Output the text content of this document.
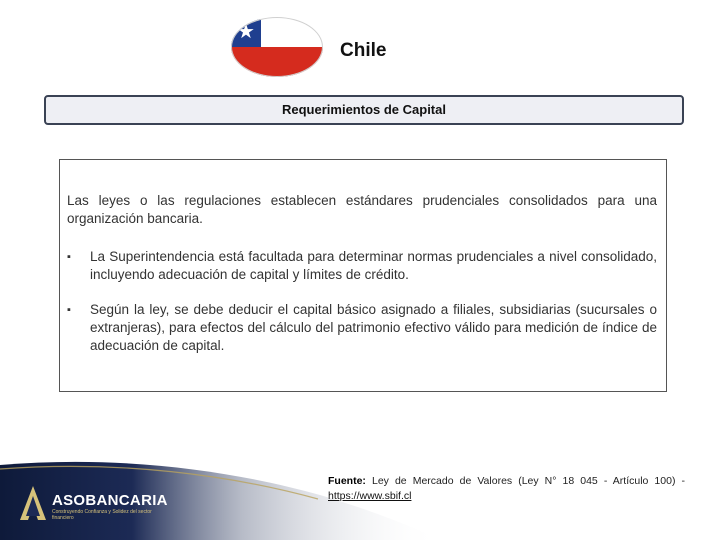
★
Chile
Requerimientos de Capital

Las leyes o las regulaciones establecen estándares prudenciales consolidados para una organización bancaria.

▪ La Superintendencia está facultada para determinar normas prudenciales a nivel consolidado, incluyendo adecuación de capital y límites de crédito.
▪ Según la ley, se debe deducir el capital básico asignado a filiales, subsidiarias (sucursales o extranjeras), para efectos del cálculo del patrimonio efectivo válido para medición de índice de adecuación de capital.
ASOBANCARIA
Construyendo Confianza y Solidez del sector financiero
Fuente: Ley de Mercado de Valores (Ley N° 18 045 - Artículo 100) - https://www.sbif.cl
